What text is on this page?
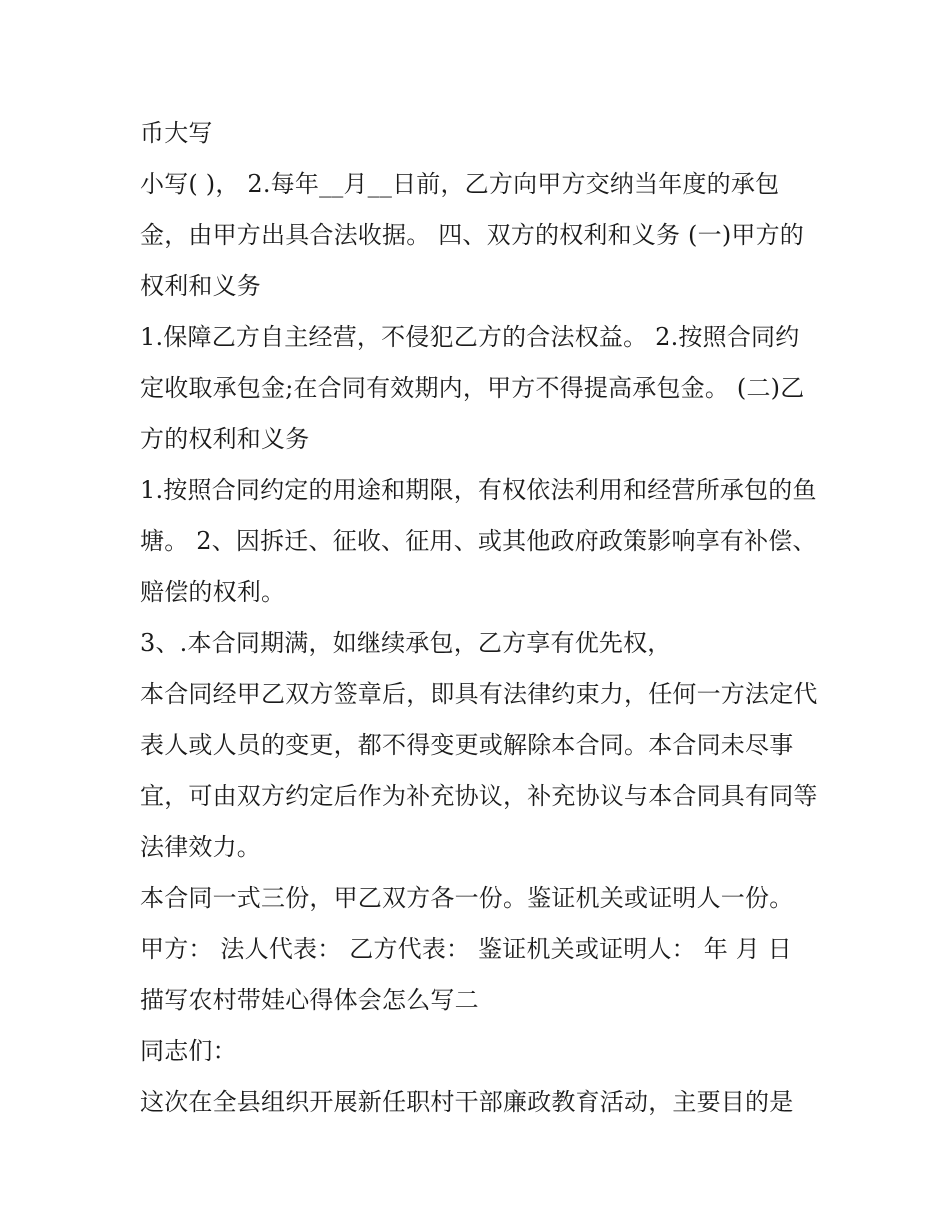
币大写

小写( )， 2.每年__月__日前，乙方向甲方交纳当年度的承包金，由甲方出具合法收据。 四、双方的权利和义务 (一)甲方的权利和义务

1.保障乙方自主经营，不侵犯乙方的合法权益。 2.按照合同约定收取承包金;在合同有效期内，甲方不得提高承包金。 (二)乙方的权利和义务

1.按照合同约定的用途和期限，有权依法利用和经营所承包的鱼塘。 2、因拆迁、征收、征用、或其他政府政策影响享有补偿、赔偿的权利。

3、.本合同期满，如继续承包，乙方享有优先权，

本合同经甲乙双方签章后，即具有法律约束力，任何一方法定代表人或人员的变更，都不得变更或解除本合同。本合同未尽事宜，可由双方约定后作为补充协议，补充协议与本合同具有同等法律效力。

本合同一式三份，甲乙双方各一份。鉴证机关或证明人一份。

甲方： 法人代表： 乙方代表： 鉴证机关或证明人： 年 月 日

描写农村带娃心得体会怎么写二

同志们：

这次在全县组织开展新任职村干部廉政教育活动，主要目的是
